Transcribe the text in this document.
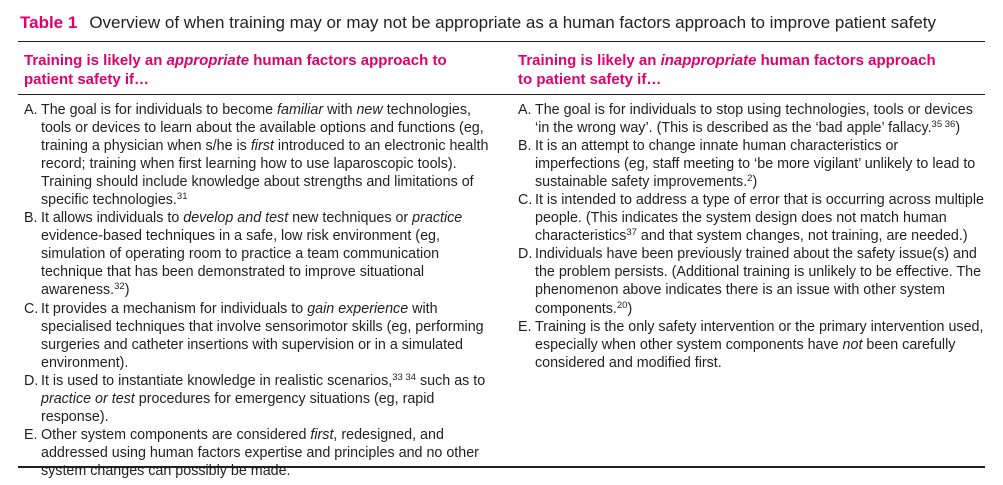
Table 1 Overview of when training may or may not be appropriate as a human factors approach to improve patient safety
Training is likely an appropriate human factors approach to patient safety if…
Training is likely an inappropriate human factors approach to patient safety if…

A. The goal is for individuals to become familiar with new technologies, tools or devices to learn about the available options and functions (eg, training a physician when s/he is first introduced to an electronic health record; training when first learning how to use laparoscopic tools). Training should include knowledge about strengths and limitations of specific technologies.$^{31}$

B. It allows individuals to develop and test new techniques or practice evidence-based techniques in a safe, low risk environment (eg, simulation of operating room to practice a team communication technique that has been demonstrated to improve situational awareness.$^{32}$)

C. It provides a mechanism for individuals to gain experience with specialised techniques that involve sensorimotor skills (eg, performing surgeries and catheter insertions with supervision or in a simulated environment).

D. It is used to instantiate knowledge in realistic scenarios,$^{33 34}$ such as to practice or test procedures for emergency situations (eg, rapid response).

E. Other system components are considered first, redesigned, and addressed using human factors expertise and principles and no other system changes can possibly be made.

A. The goal is for individuals to stop using technologies, tools or devices ‘in the wrong way’. (This is described as the ‘bad apple’ fallacy.$^{35 36}$)

B. It is an attempt to change innate human characteristics or imperfections (eg, staff meeting to ‘be more vigilant’ unlikely to lead to sustainable safety improvements.$^2$)

C. It is intended to address a type of error that is occurring across multiple people. (This indicates the system design does not match human characteristics$^{37}$ and that system changes, not training, are needed.)

D. Individuals have been previously trained about the safety issue(s) and the problem persists. (Additional training is unlikely to be effective. The phenomenon above indicates there is an issue with other system components.$^{20}$)

E. Training is the only safety intervention or the primary intervention used, especially when other system components have not been carefully considered and modified first.
